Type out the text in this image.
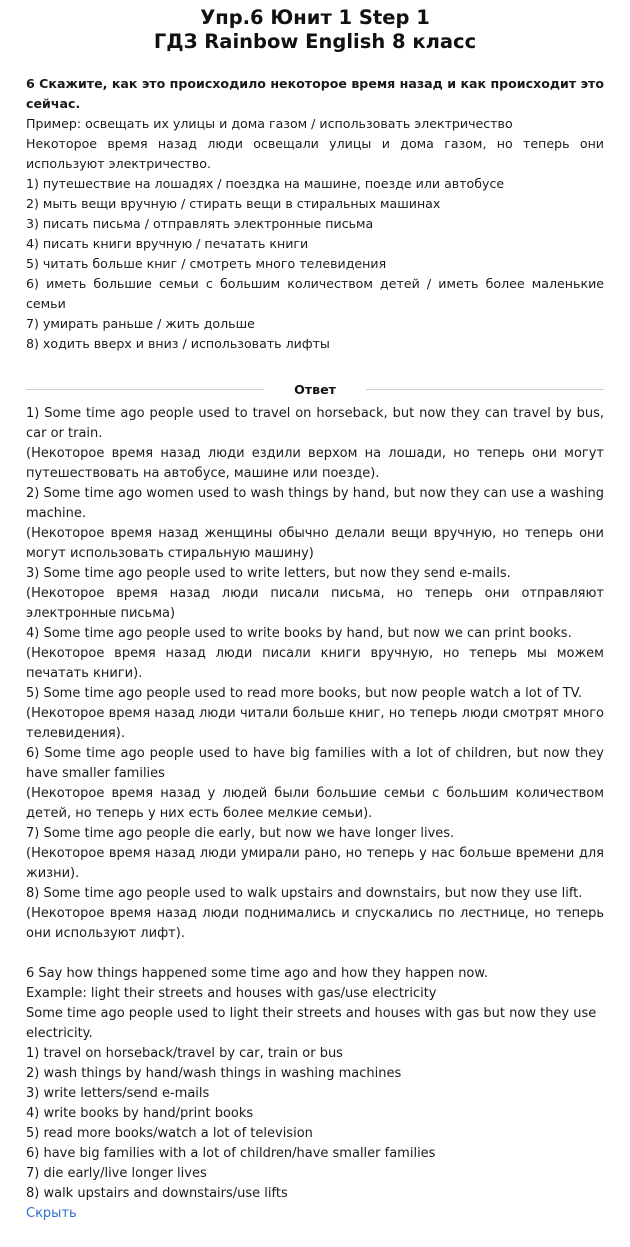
Упр.6 Юнит 1 Step 1
ГДЗ Rainbow English 8 класс
6 Скажите, как это происходило некоторое время назад и как происходит это сейчас.
Пример: освещать их улицы и дома газом / использовать электричество
Некоторое время назад люди освещали улицы и дома газом, но теперь они используют электричество.
1) путешествие на лошадях / поездка на машине, поезде или автобусе
2) мыть вещи вручную / стирать вещи в стиральных машинах
3) писать письма / отправлять электронные письма
4) писать книги вручную / печатать книги
5) читать больше книг / смотреть много телевидения
6) иметь большие семьи с большим количеством детей / иметь более маленькие семьи
7) умирать раньше / жить дольше
8) ходить вверх и вниз / использовать лифты
Ответ
1) Some time ago people used to travel on horseback, but now they can travel by bus, car or train.
(Некоторое время назад люди ездили верхом на лошади, но теперь они могут путешествовать на автобусе, машине или поезде).
2) Some time ago women used to wash things by hand, but now they can use a washing machine.
(Некоторое время назад женщины обычно делали вещи вручную, но теперь они могут использовать стиральную машину)
3) Some time ago people used to write letters, but now they send e-mails.
(Некоторое время назад люди писали письма, но теперь они отправляют электронные письма)
4) Some time ago people used to write books by hand, but now we can print books.
(Некоторое время назад люди писали книги вручную, но теперь мы можем печатать книги).
5) Some time ago people used to read more books, but now people watch a lot of TV.
(Некоторое время назад люди читали больше книг, но теперь люди смотрят много телевидения).
6) Some time ago people used to have big families with a lot of children, but now they have smaller families
(Некоторое время назад у людей были большие семьи с большим количеством детей, но теперь у них есть более мелкие семьи).
7) Some time ago people die early, but now we have longer lives.
(Некоторое время назад люди умирали рано, но теперь у нас больше времени для жизни).
8) Some time ago people used to walk upstairs and downstairs, but now they use lift.
(Некоторое время назад люди поднимались и спускались по лестнице, но теперь они используют лифт).
6 Say how things happened some time ago and how they happen now.
Example: light their streets and houses with gas/use electricity
Some time ago people used to light their streets and houses with gas but now they use electricity.
1) travel on horseback/travel by car, train or bus
2) wash things by hand/wash things in washing machines
3) write letters/send e-mails
4) write books by hand/print books
5) read more books/watch a lot of television
6) have big families with a lot of children/have smaller families
7) die early/live longer lives
8) walk upstairs and downstairs/use lifts
Скрыть
